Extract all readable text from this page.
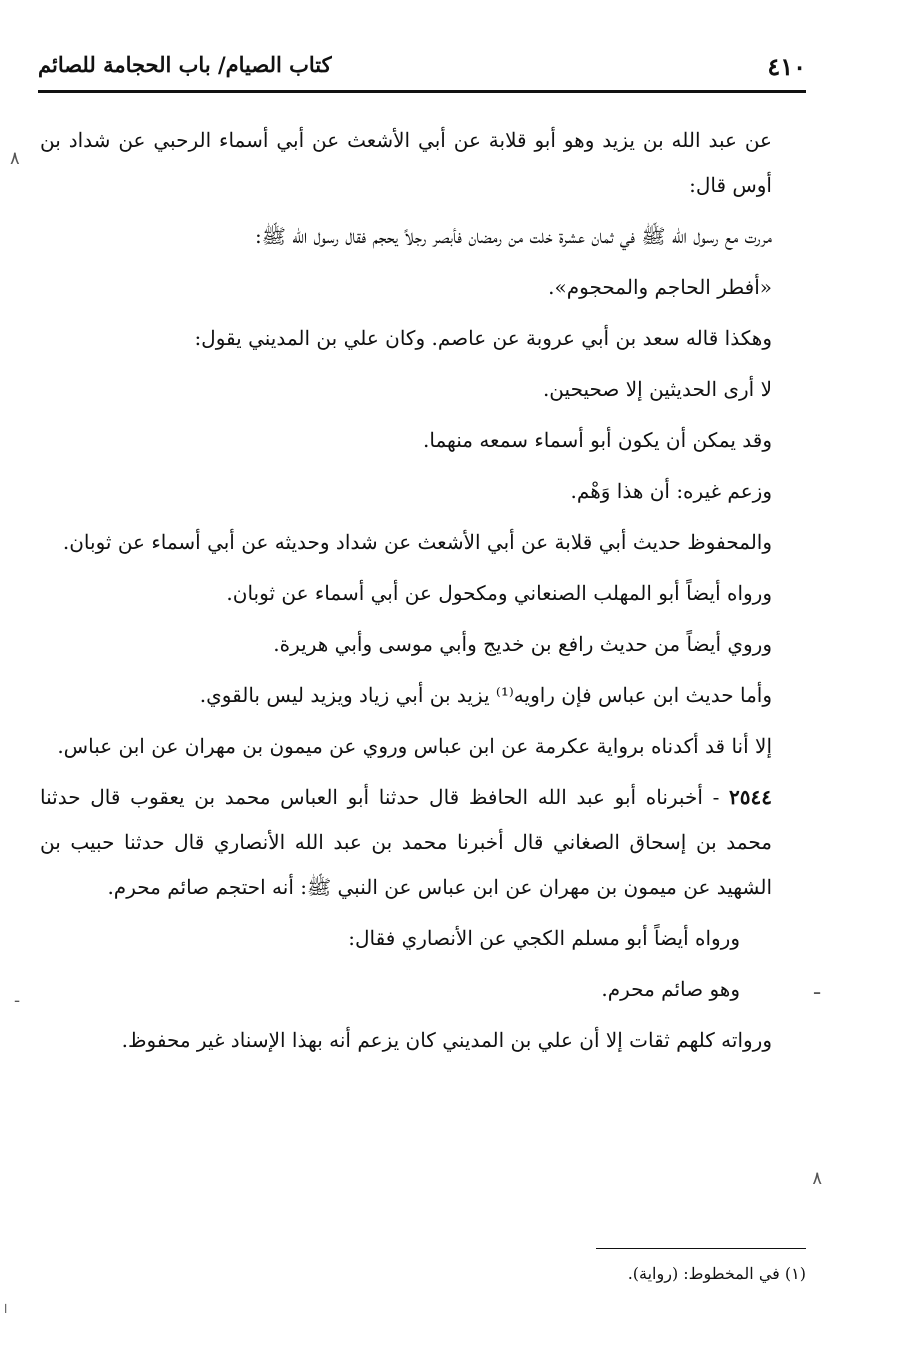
٤١٠
كتاب الصيام/ باب الحجامة للصائم

عن عبد الله بن يزيد وهو أبو قلابة عن أبي الأشعث عن أبي أسماء الرحبي عن شداد بن أوس قال:

مررت مع رسول الله ﷺ في ثمان عشرة خلت من رمضان فأبصر رجلاً يحجم فقال رسول الله ﷺ:

«أفطر الحاجم والمحجوم».

وهكذا قاله سعد بن أبي عروبة عن عاصم. وكان علي بن المديني يقول:

لا أرى الحديثين إلا صحيحين.

وقد يمكن أن يكون أبو أسماء سمعه منهما.

وزعم غيره: أن هذا وَهْم.

والمحفوظ حديث أبي قلابة عن أبي الأشعث عن شداد وحديثه عن أبي أسماء عن ثوبان.

ورواه أيضاً أبو المهلب الصنعاني ومكحول عن أبي أسماء عن ثوبان.

وروي أيضاً من حديث رافع بن خديج وأبي موسى وأبي هريرة.

وأما حديث ابن عباس فإن راويه⁽¹⁾ يزيد بن أبي زياد ويزيد ليس بالقوي.

إلا أنا قد أكدناه برواية عكرمة عن ابن عباس وروي عن ميمون بن مهران عن ابن عباس.

٢٥٤٤ - أخبرناه أبو عبد الله الحافظ قال حدثنا أبو العباس محمد بن يعقوب قال حدثنا محمد بن إسحاق الصغاني قال أخبرنا محمد بن عبد الله الأنصاري قال حدثنا حبيب بن الشهيد عن ميمون بن مهران عن ابن عباس عن النبي ﷺ: أنه احتجم صائم محرم.

ورواه أيضاً أبو مسلم الكجي عن الأنصاري فقال:

وهو صائم محرم.

ورواته كلهم ثقات إلا أن علي بن المديني كان يزعم أنه بهذا الإسناد غير محفوظ.

(١) في المخطوط: (رواية).
٨
ـ
-
٨
ا
